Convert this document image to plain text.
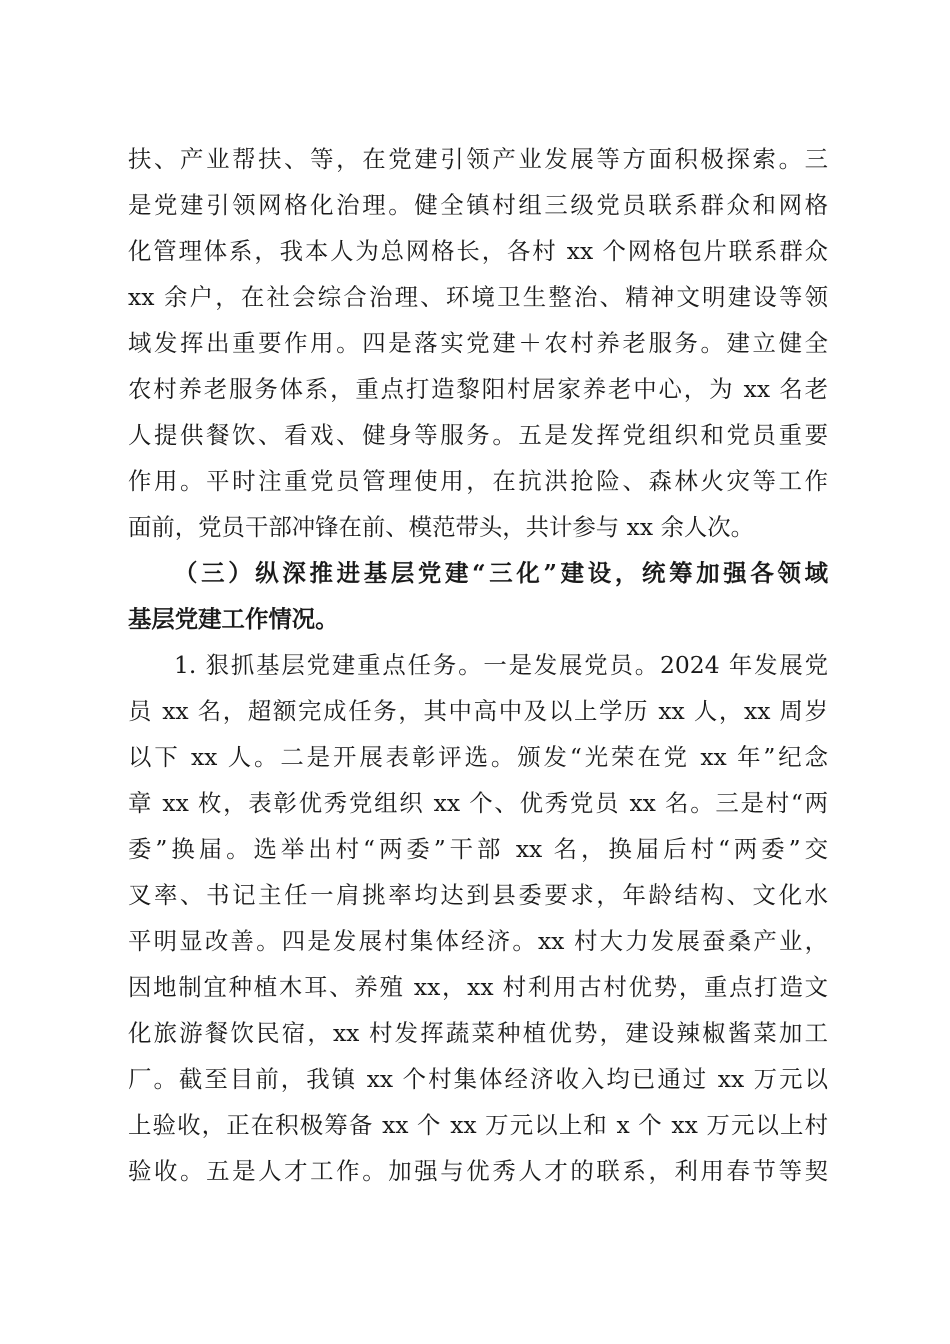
扶、产业帮扶、等，在党建引领产业发展等方面积极探索。三
是党建引领网格化治理。健全镇村组三级党员联系群众和网格
化管理体系，我本人为总网格长，各村 xx 个网格包片联系群众
xx 余户，在社会综合治理、环境卫生整治、精神文明建设等领
域发挥出重要作用。四是落实党建＋农村养老服务。建立健全
农村养老服务体系，重点打造黎阳村居家养老中心，为 xx 名老
人提供餐饮、看戏、健身等服务。五是发挥党组织和党员重要
作用。平时注重党员管理使用，在抗洪抢险、森林火灾等工作
面前，党员干部冲锋在前、模范带头，共计参与 xx 余人次。
（三）纵深推进基层党建“三化”建设，统筹加强各领域
基层党建工作情况。
1. 狠抓基层党建重点任务。一是发展党员。2024 年发展党
员 xx 名，超额完成任务，其中高中及以上学历 xx 人，xx 周岁
以下 xx 人。二是开展表彰评选。颁发“光荣在党 xx 年”纪念
章 xx 枚，表彰优秀党组织 xx 个、优秀党员 xx 名。三是村“两
委”换届。选举出村“两委”干部 xx 名，换届后村“两委”交
叉率、书记主任一肩挑率均达到县委要求，年龄结构、文化水
平明显改善。四是发展村集体经济。xx 村大力发展蚕桑产业，
因地制宜种植木耳、养殖 xx，xx 村利用古村优势，重点打造文
化旅游餐饮民宿，xx 村发挥蔬菜种植优势，建设辣椒酱菜加工
厂。截至目前，我镇 xx 个村集体经济收入均已通过 xx 万元以
上验收，正在积极筹备 xx 个 xx 万元以上和 x 个 xx 万元以上村
验收。五是人才工作。加强与优秀人才的联系，利用春节等契
